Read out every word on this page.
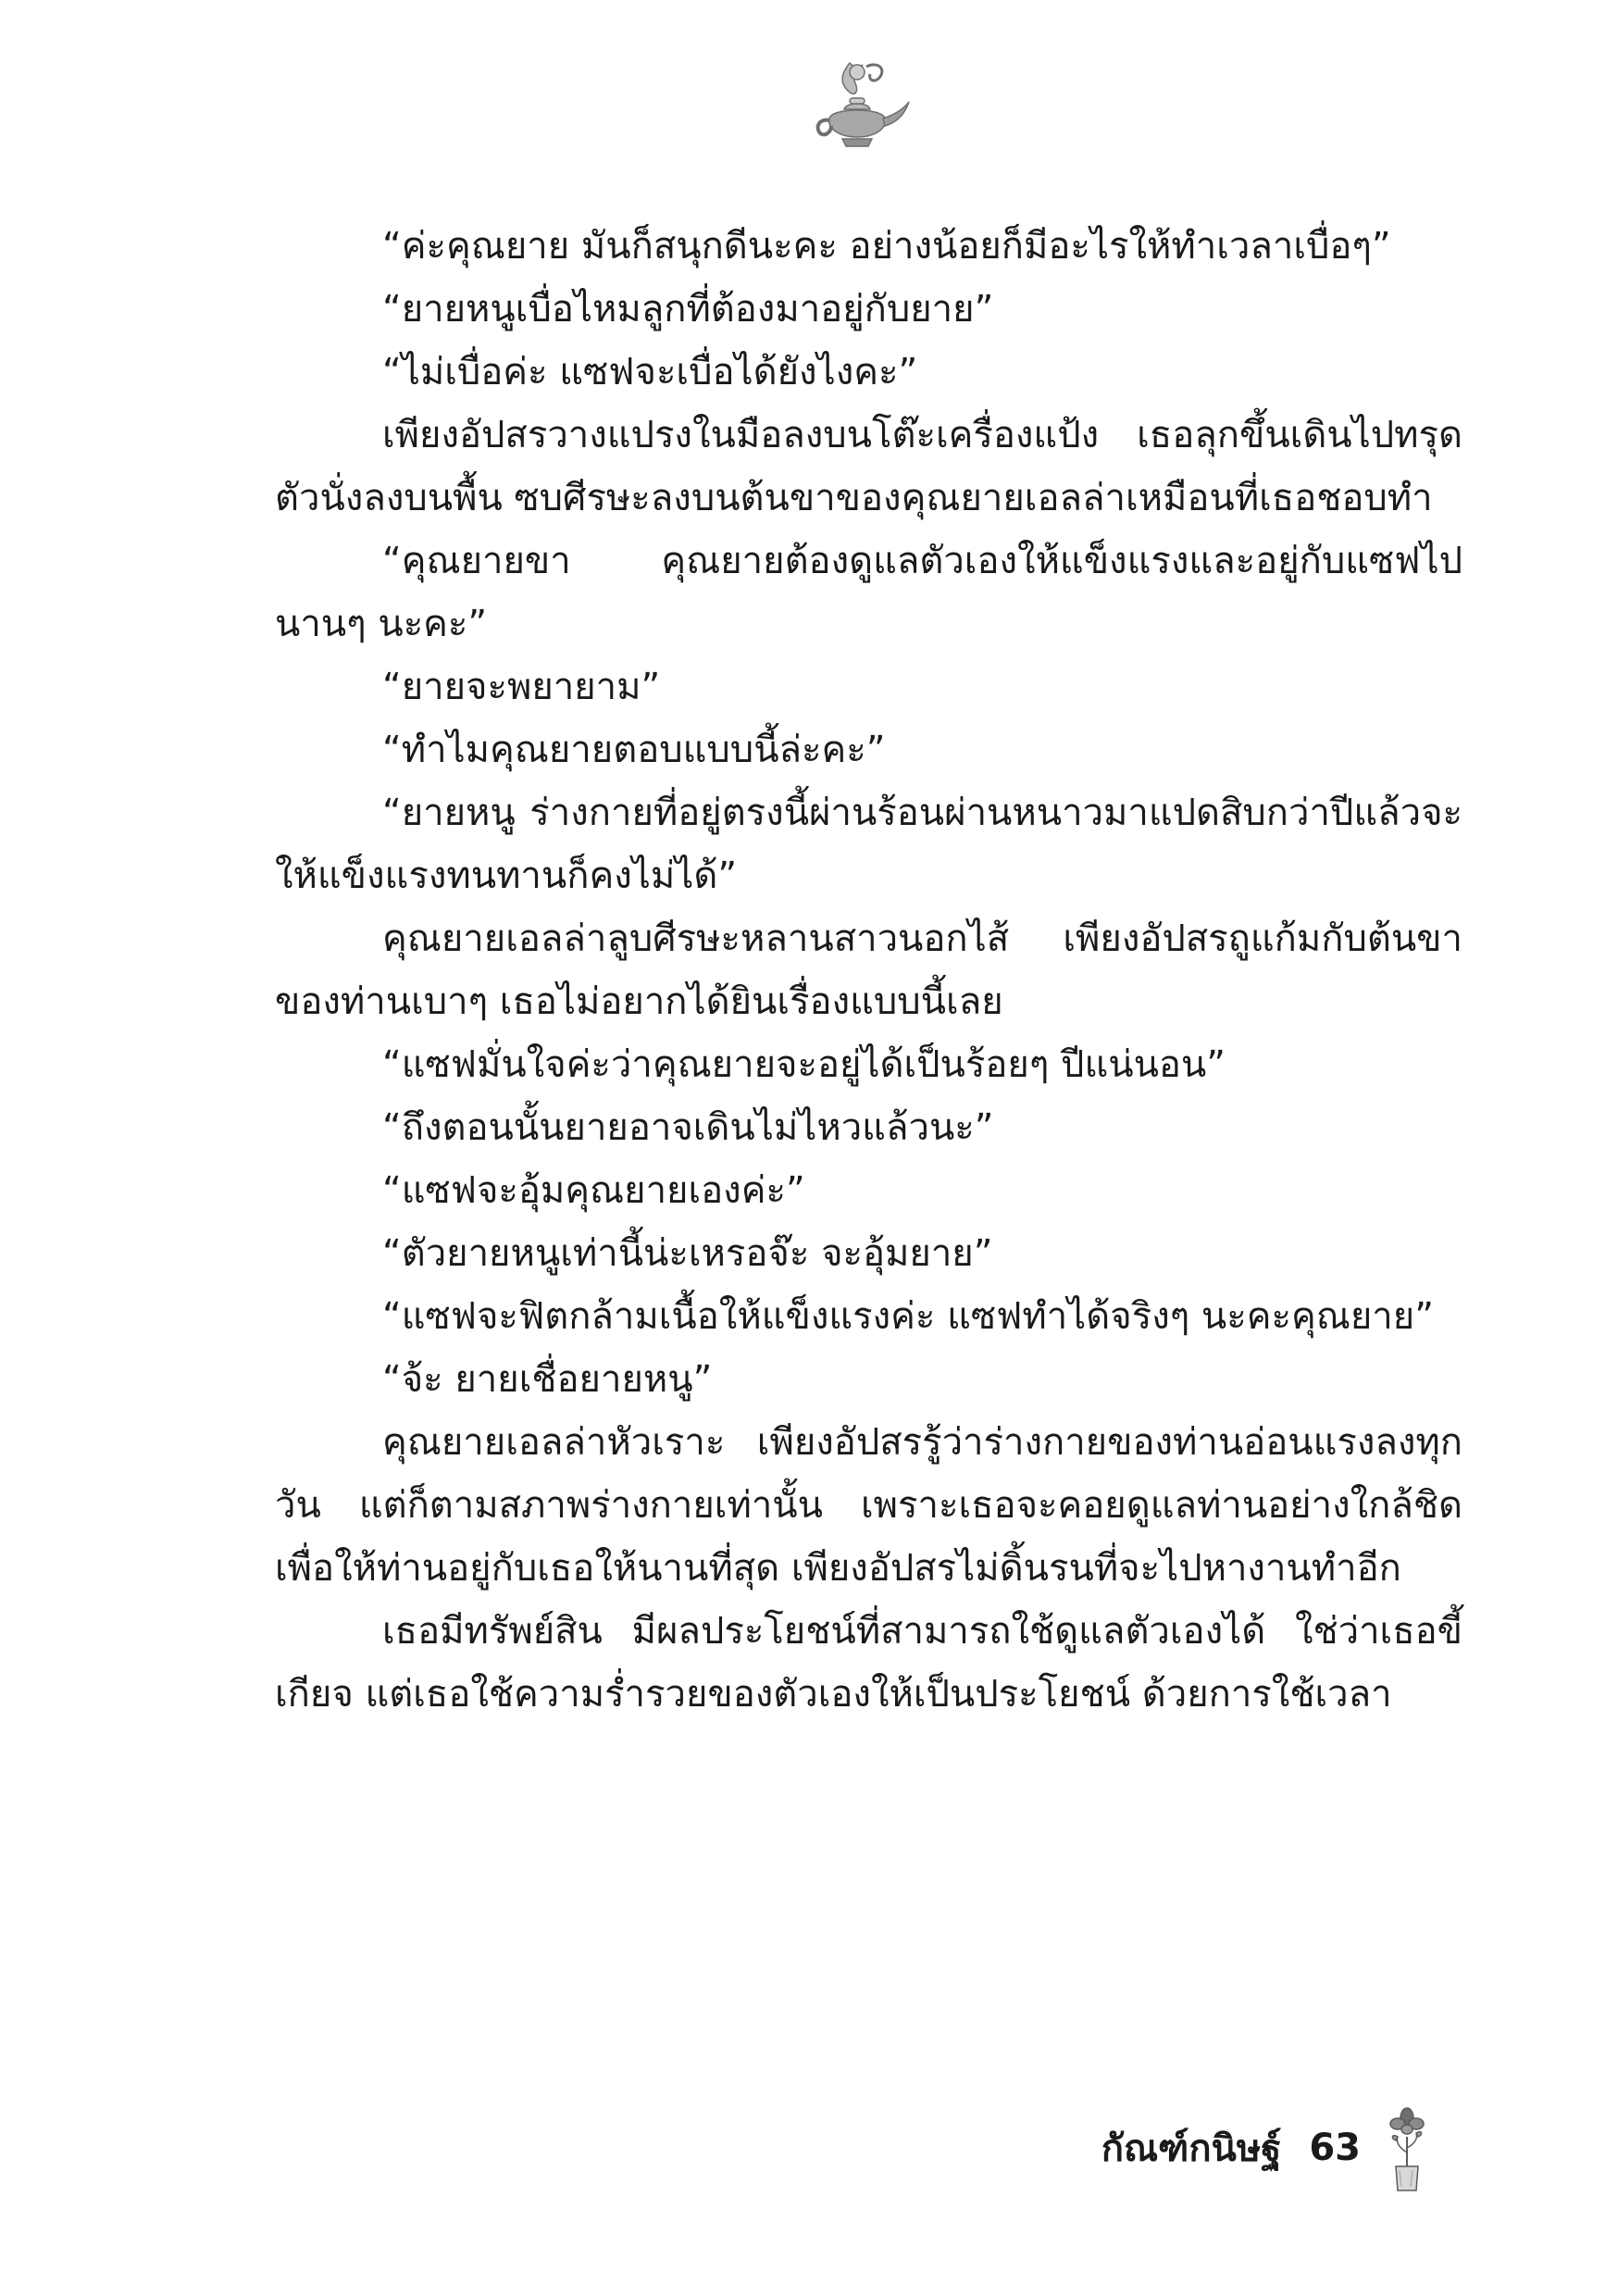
“ค่ะคุณยาย มันก็สนุกดีนะคะ อย่างน้อยก็มีอะไรให้ทำเวลาเบื่อๆ”

“ยายหนูเบื่อไหมลูกที่ต้องมาอยู่กับยาย”

“ไม่เบื่อค่ะ แซฟจะเบื่อได้ยังไงคะ”

เพียงอัปสรวางแปรงในมือลงบนโต๊ะเครื่องแป้ง เธอลุกขึ้นเดินไปทรุดตัวนั่งลงบนพื้น ซบศีรษะลงบนต้นขาของคุณยายเอลล่าเหมือนที่เธอชอบทำ

“คุณยายขา คุณยายต้องดูแลตัวเองให้แข็งแรงและอยู่กับแซฟไปนานๆ นะคะ”

“ยายจะพยายาม”

“ทำไมคุณยายตอบแบบนี้ล่ะคะ”

“ยายหนู ร่างกายที่อยู่ตรงนี้ผ่านร้อนผ่านหนาวมาแปดสิบกว่าปีแล้วจะให้แข็งแรงทนทานก็คงไม่ได้”

คุณยายเอลล่าลูบศีรษะหลานสาวนอกไส้ เพียงอัปสรถูแก้มกับต้นขาของท่านเบาๆ เธอไม่อยากได้ยินเรื่องแบบนี้เลย

“แซฟมั่นใจค่ะว่าคุณยายจะอยู่ได้เป็นร้อยๆ ปีแน่นอน”

“ถึงตอนนั้นยายอาจเดินไม่ไหวแล้วนะ”

“แซฟจะอุ้มคุณยายเองค่ะ”

“ตัวยายหนูเท่านี้น่ะเหรอจ๊ะ จะอุ้มยาย”

“แซฟจะฟิตกล้ามเนื้อให้แข็งแรงค่ะ แซฟทำได้จริงๆ นะคะคุณยาย”

“จ้ะ ยายเชื่อยายหนู”

คุณยายเอลล่าหัวเราะ เพียงอัปสรรู้ว่าร่างกายของท่านอ่อนแรงลงทุกวัน แต่ก็ตามสภาพร่างกายเท่านั้น เพราะเธอจะคอยดูแลท่านอย่างใกล้ชิด เพื่อให้ท่านอยู่กับเธอให้นานที่สุด เพียงอัปสรไม่ดิ้นรนที่จะไปหางานทำอีก

เธอมีทรัพย์สิน มีผลประโยชน์ที่สามารถใช้ดูแลตัวเองได้ ใช่ว่าเธอขี้เกียจ แต่เธอใช้ความร่ำรวยของตัวเองให้เป็นประโยชน์ ด้วยการใช้เวลา

กัณฑ์กนิษฐ์ 63
